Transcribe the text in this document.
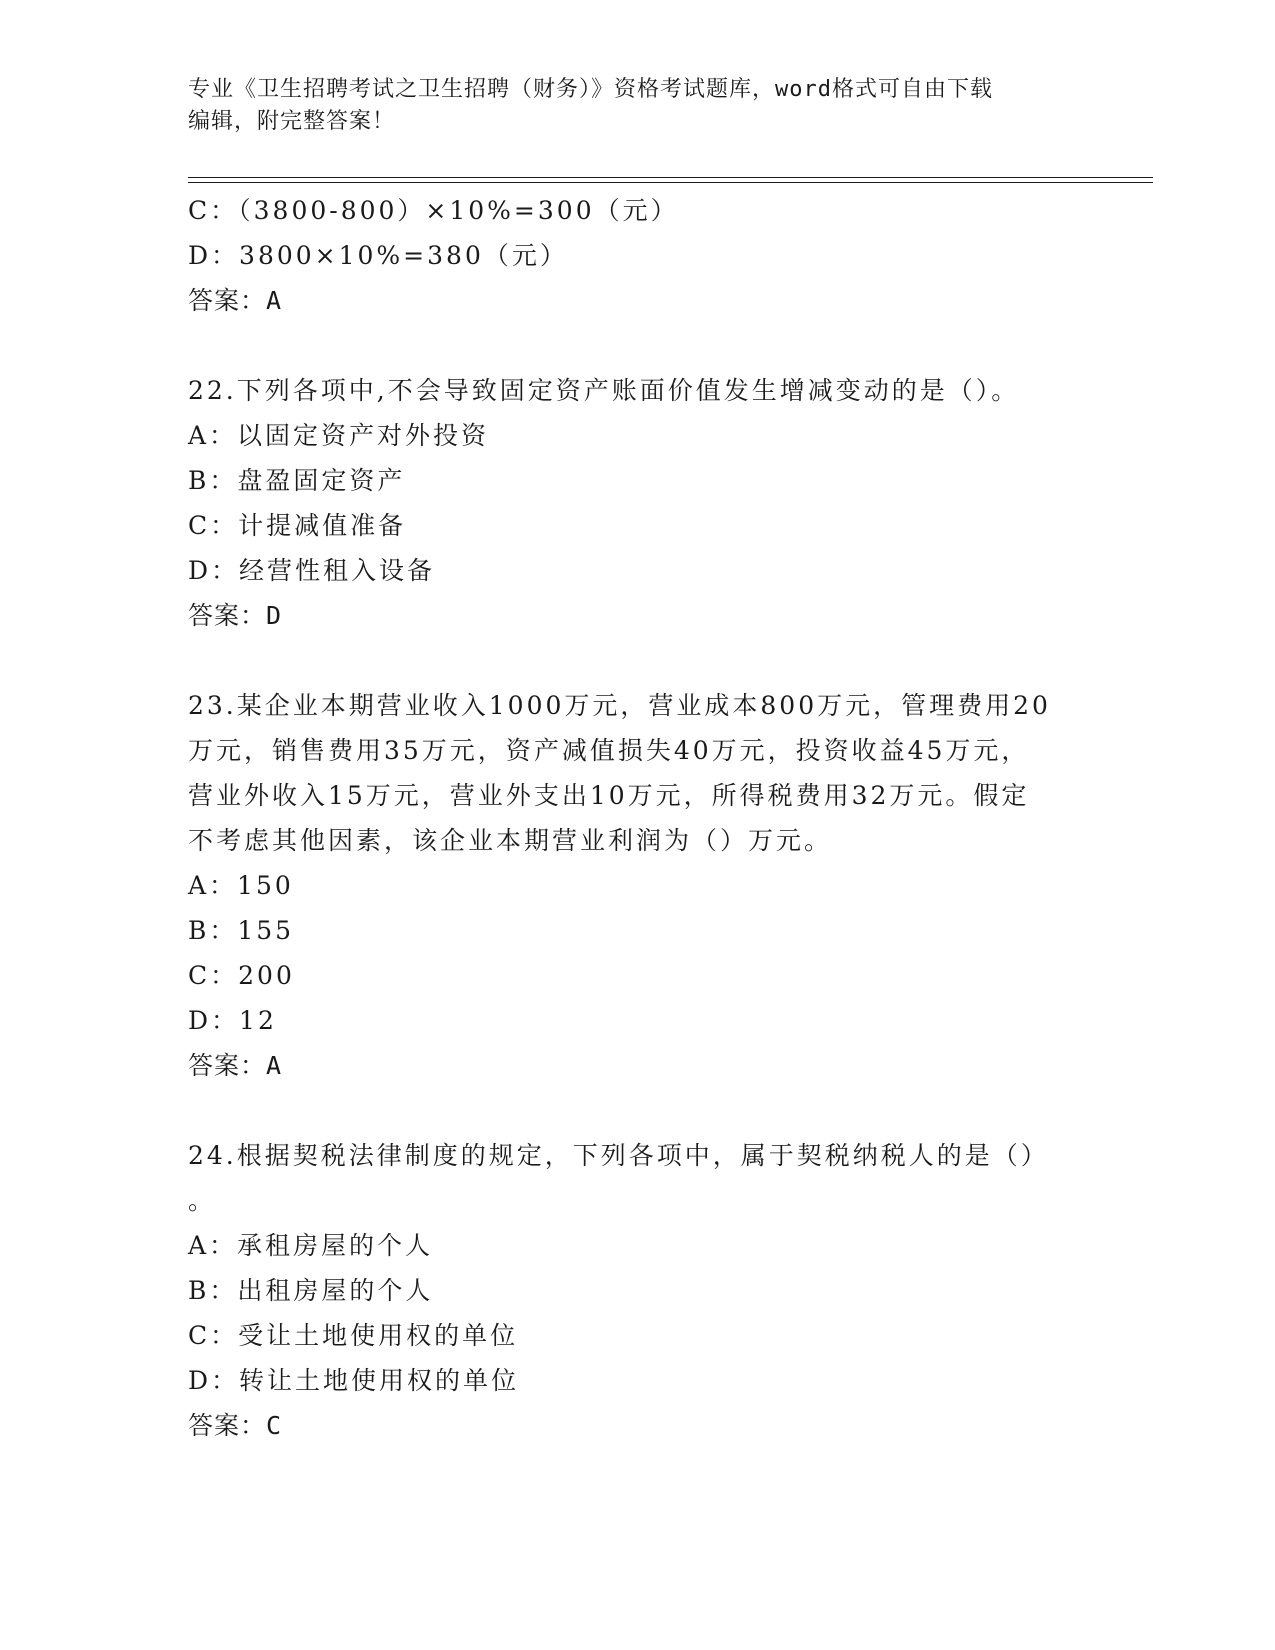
专业《卫生招聘考试之卫生招聘（财务）》资格考试题库，word格式可自由下载
编辑，附完整答案！
C：（3800-800）×10%=300（元）
D：3800×10%=380（元）
答案：A
22.下列各项中,不会导致固定资产账面价值发生增减变动的是（）。
A：以固定资产对外投资
B：盘盈固定资产
C：计提减值准备
D：经营性租入设备
答案：D
23.某企业本期营业收入1000万元，营业成本800万元，管理费用20
万元，销售费用35万元，资产减值损失40万元，投资收益45万元，
营业外收入15万元，营业外支出10万元，所得税费用32万元。假定
不考虑其他因素，该企业本期营业利润为（）万元。
A：150
B：155
C：200
D：12
答案：A
24.根据契税法律制度的规定，下列各项中，属于契税纳税人的是（）
。
A：承租房屋的个人
B：出租房屋的个人
C：受让土地使用权的单位
D：转让土地使用权的单位
答案：C
